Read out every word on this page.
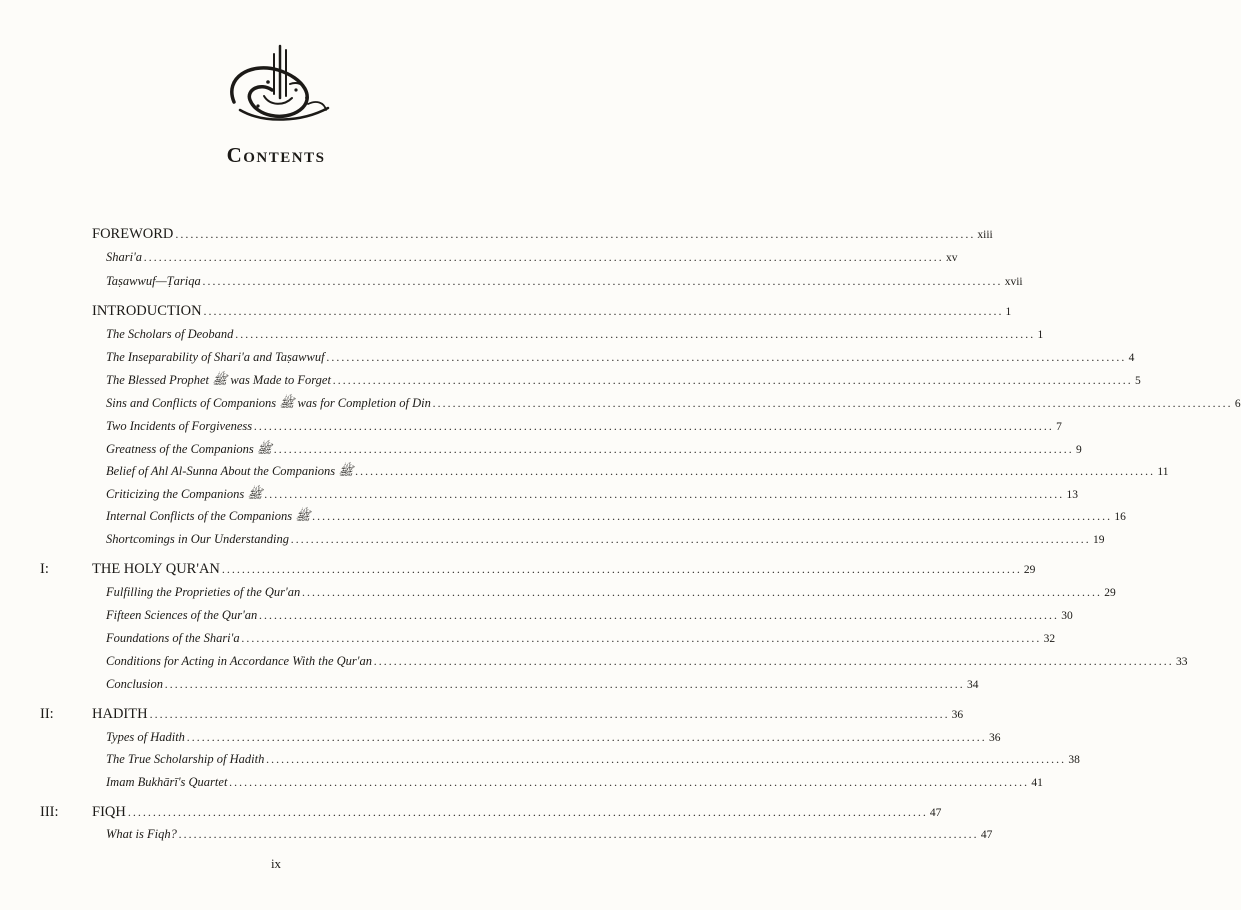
Contents
FOREWORD ................................................................................................................................................................ xiii
Shari'a ................................................................................................................................................................ xv
Taṣawwuf—Ṭariqa ................................................................................................................................................................ xvii
INTRODUCTION ................................................................................................................................................................ 1
The Scholars of Deoband ................................................................................................................................................................ 1
The Inseparability of Shari'a and Taṣawwuf ................................................................................................................................................................ 4
The Blessed Prophet ﷺ was Made to Forget ................................................................................................................................................................ 5
Sins and Conflicts of Companions ﷺ was for Completion of Din ................................................................................................................................................................ 6
Two Incidents of Forgiveness ................................................................................................................................................................ 7
Greatness of the Companions ﷺ ................................................................................................................................................................ 9
Belief of Ahl Al-Sunna About the Companions ﷺ ................................................................................................................................................................ 11
Criticizing the Companions ﷺ ................................................................................................................................................................ 13
Internal Conflicts of the Companions ﷺ ................................................................................................................................................................ 16
Shortcomings in Our Understanding ................................................................................................................................................................ 19
THE HOLY QUR'AN ................................................................................................................................................................ 29
I:
Fulfilling the Proprieties of the Qur'an ................................................................................................................................................................ 29
Fifteen Sciences of the Qur'an ................................................................................................................................................................ 30
Foundations of the Shari'a ................................................................................................................................................................ 32
Conditions for Acting in Accordance With the Qur'an ................................................................................................................................................................ 33
Conclusion ................................................................................................................................................................ 34
HADITH ................................................................................................................................................................ 36
II:
Types of Hadith ................................................................................................................................................................ 36
The True Scholarship of Hadith ................................................................................................................................................................ 38
Imam Bukhārī's Quartet ................................................................................................................................................................ 41
FIQH ................................................................................................................................................................ 47
III:
What is Fiqh? ................................................................................................................................................................ 47
ix
